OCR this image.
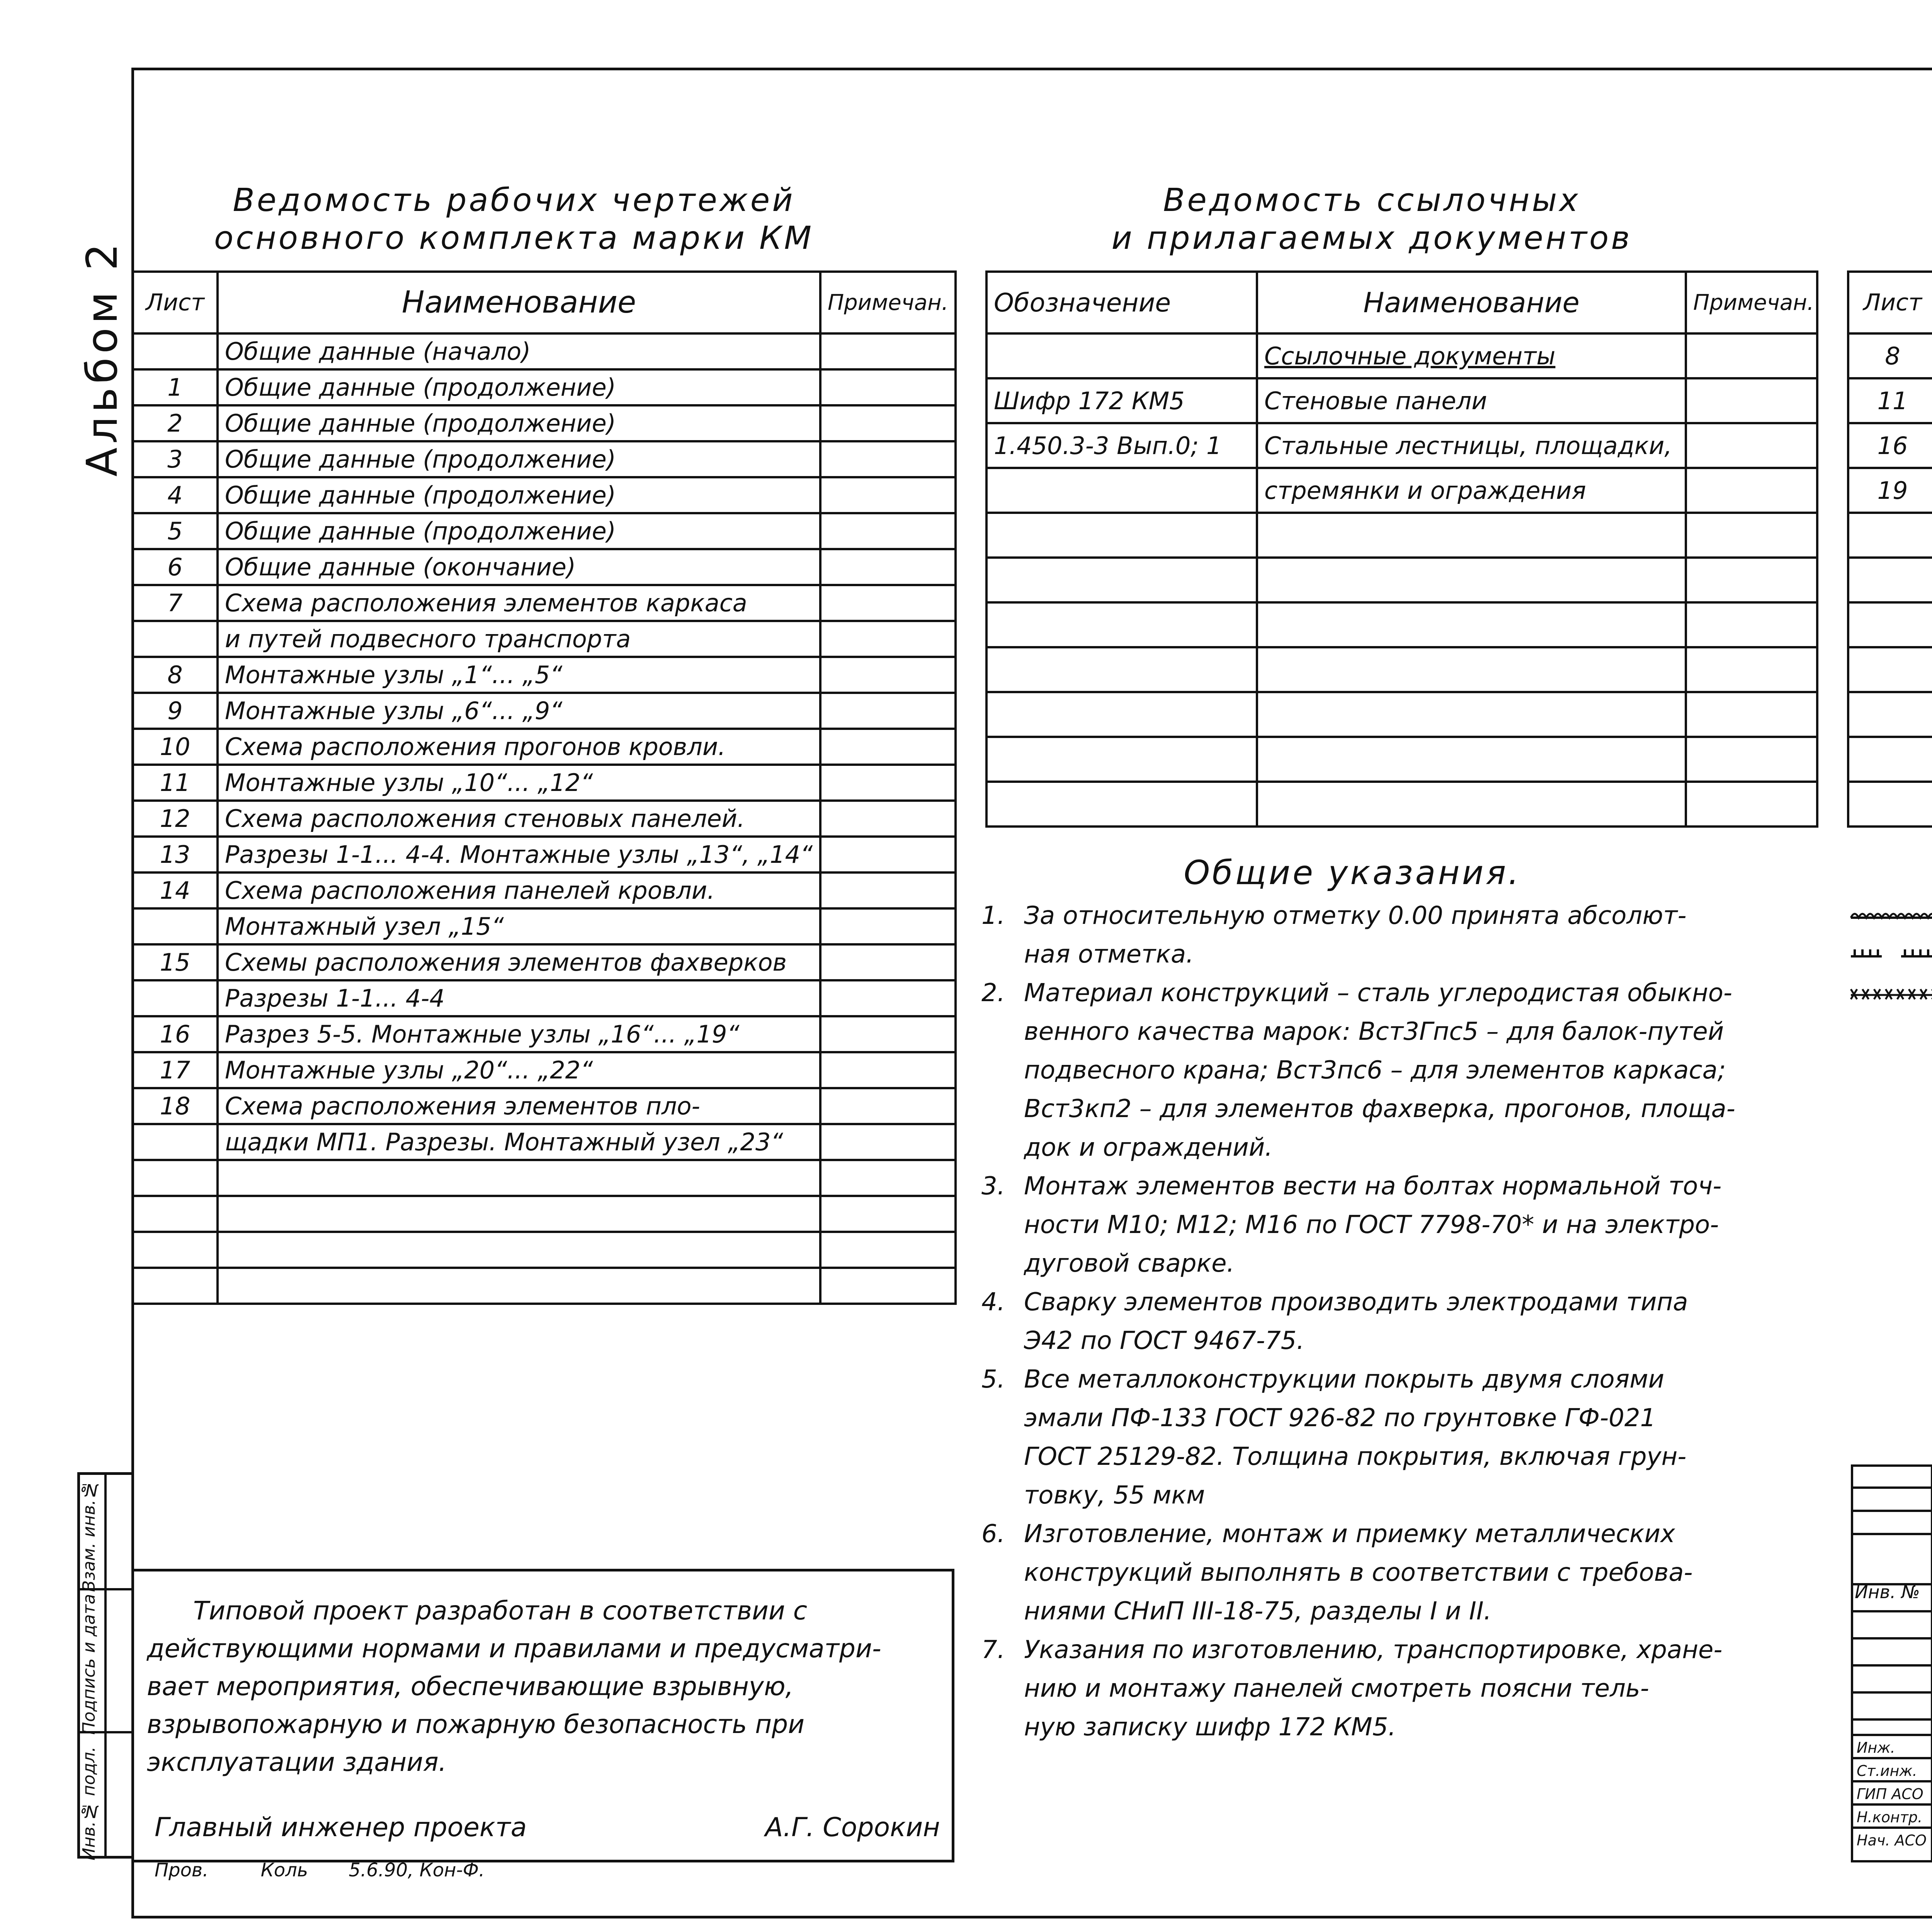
Альбом 2
Ведомость рабочих чертежей
основного комплекта марки КМ
Лист	Наименование	Примечан.
	Общие данные (начало)	
1	Общие данные (продолжение)	
2	Общие данные (продолжение)	
3	Общие данные (продолжение)	
4	Общие данные (продолжение)	
5	Общие данные (продолжение)	
6	Общие данные (окончание)	
7	Схема расположения элементов каркаса	
	и путей подвесного транспорта	
8	Монтажные узлы „1“... „5“	
9	Монтажные узлы „6“... „9“	
10	Схема расположения прогонов кровли.	
11	Монтажные узлы „10“... „12“	
12	Схема расположения стеновых панелей.	
13	Разрезы 1-1... 4-4. Монтажные узлы „13“, „14“	
14	Схема расположения панелей кровли.	
	Монтажный узел „15“	
15	Схемы расположения элементов фахверков	
	Разрезы 1-1... 4-4	
16	Разрез 5-5. Монтажные узлы „16“... „19“	
17	Монтажные узлы „20“... „22“	
18	Схема расположения элементов пло-	
	щадки МП1. Разрезы. Монтажный узел „23“	

Ведомость ссылочных
и прилагаемых документов
Обозначение	Наименование	Примечан.
	Ссылочные документы	
Шифр 172 КМ5	Стеновые панели	
1.450.3-3 Вып.0; 1	Стальные лестницы, площадки,	
	стремянки и ограждения	

Лист		
8		
11		
16		
19		

Общие указания.
1. За относительную отметку 0.00 принята абсолют-
ная отметка.
2. Материал конструкций – сталь углеродистая обыкно-
венного качества марок: Вст3Гпс5 – для балок-путей
подвесного крана; Вст3пс6 – для элементов каркаса;
Вст3кп2 – для элементов фахверка, прогонов, площа-
док и ограждений.
3. Монтаж элементов вести на болтах нормальной точ-
ности М10; М12; М16 по ГОСТ 7798-70* и на электро-
дуговой сварке.
4. Сварку элементов производить электродами типа
Э42 по ГОСТ 9467-75.
5. Все металлоконструкции покрыть двумя слоями
эмали ПФ-133 ГОСТ 926-82 по грунтовке ГФ-021
ГОСТ 25129-82. Толщина покрытия, включая грун-
товку, 55 мкм
6. Изготовление, монтаж и приемку металлических
конструкций выполнять в соответствии с требова-
ниями СНиП III-18-75, разделы I и II.
7. Указания по изготовлению, транспортировке, хране-
нию и монтажу панелей смотреть поясни тель-
ную записку шифр 172 КМ5.
Взам. инв.№
Подпись и дата
Инв.№ подл.
Типовой проект разработан в соответствии с
действующими нормами и правилами и предусматри-
вает мероприятия, обеспечивающие взрывную,
взрывопожарную и пожарную безопасность при
эксплуатации здания.
Главный инженер проекта	А.Г. Сорокин
Пров.	Коль 5.6.90, Кон-Ф.
Инв. №
Инж.
Ст.инж.
ГИП АСО
Н.контр.
Нач. АСО
